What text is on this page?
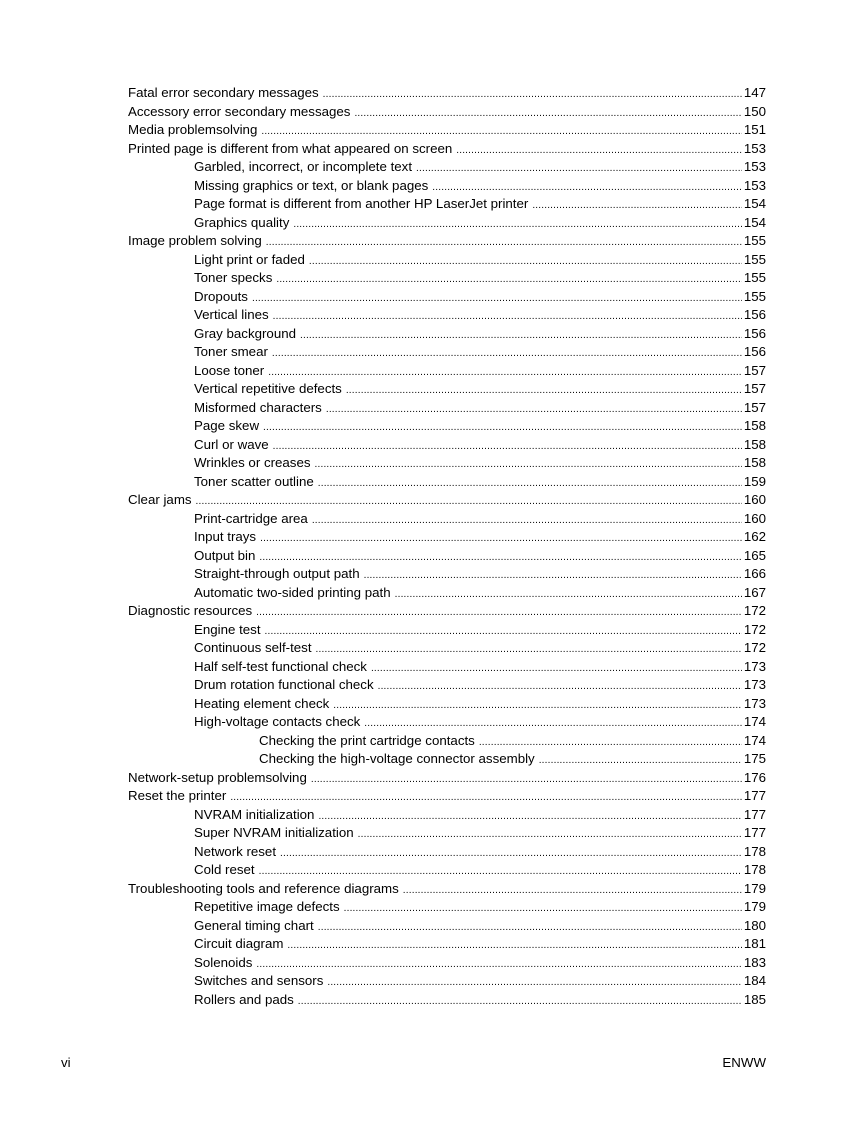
Fatal error secondary messages .....	147
Accessory error secondary messages .....	150
Media problemsolving .....	151
Printed page is different from what appeared on screen .....	153
Garbled, incorrect, or incomplete text .....	153
Missing graphics or text, or blank pages .....	153
Page format is different from another HP LaserJet printer .....	154
Graphics quality .....	154
Image problem solving .....	155
Light print or faded .....	155
Toner specks .....	155
Dropouts .....	155
Vertical lines .....	156
Gray background .....	156
Toner smear .....	156
Loose toner .....	157
Vertical repetitive defects .....	157
Misformed characters .....	157
Page skew .....	158
Curl or wave .....	158
Wrinkles or creases .....	158
Toner scatter outline .....	159
Clear jams .....	160
Print-cartridge area .....	160
Input trays .....	162
Output bin .....	165
Straight-through output path .....	166
Automatic two-sided printing path .....	167
Diagnostic resources .....	172
Engine test .....	172
Continuous self-test .....	172
Half self-test functional check .....	173
Drum rotation functional check .....	173
Heating element check .....	173
High-voltage contacts check .....	174
Checking the print cartridge contacts .....	174
Checking the high-voltage connector assembly .....	175
Network-setup problemsolving .....	176
Reset the printer .....	177
NVRAM initialization .....	177
Super NVRAM initialization .....	177
Network reset .....	178
Cold reset .....	178
Troubleshooting tools and reference diagrams .....	179
Repetitive image defects .....	179
General timing chart .....	180
Circuit diagram .....	181
Solenoids .....	183
Switches and sensors .....	184
Rollers and pads .....	185
vi	ENWW
